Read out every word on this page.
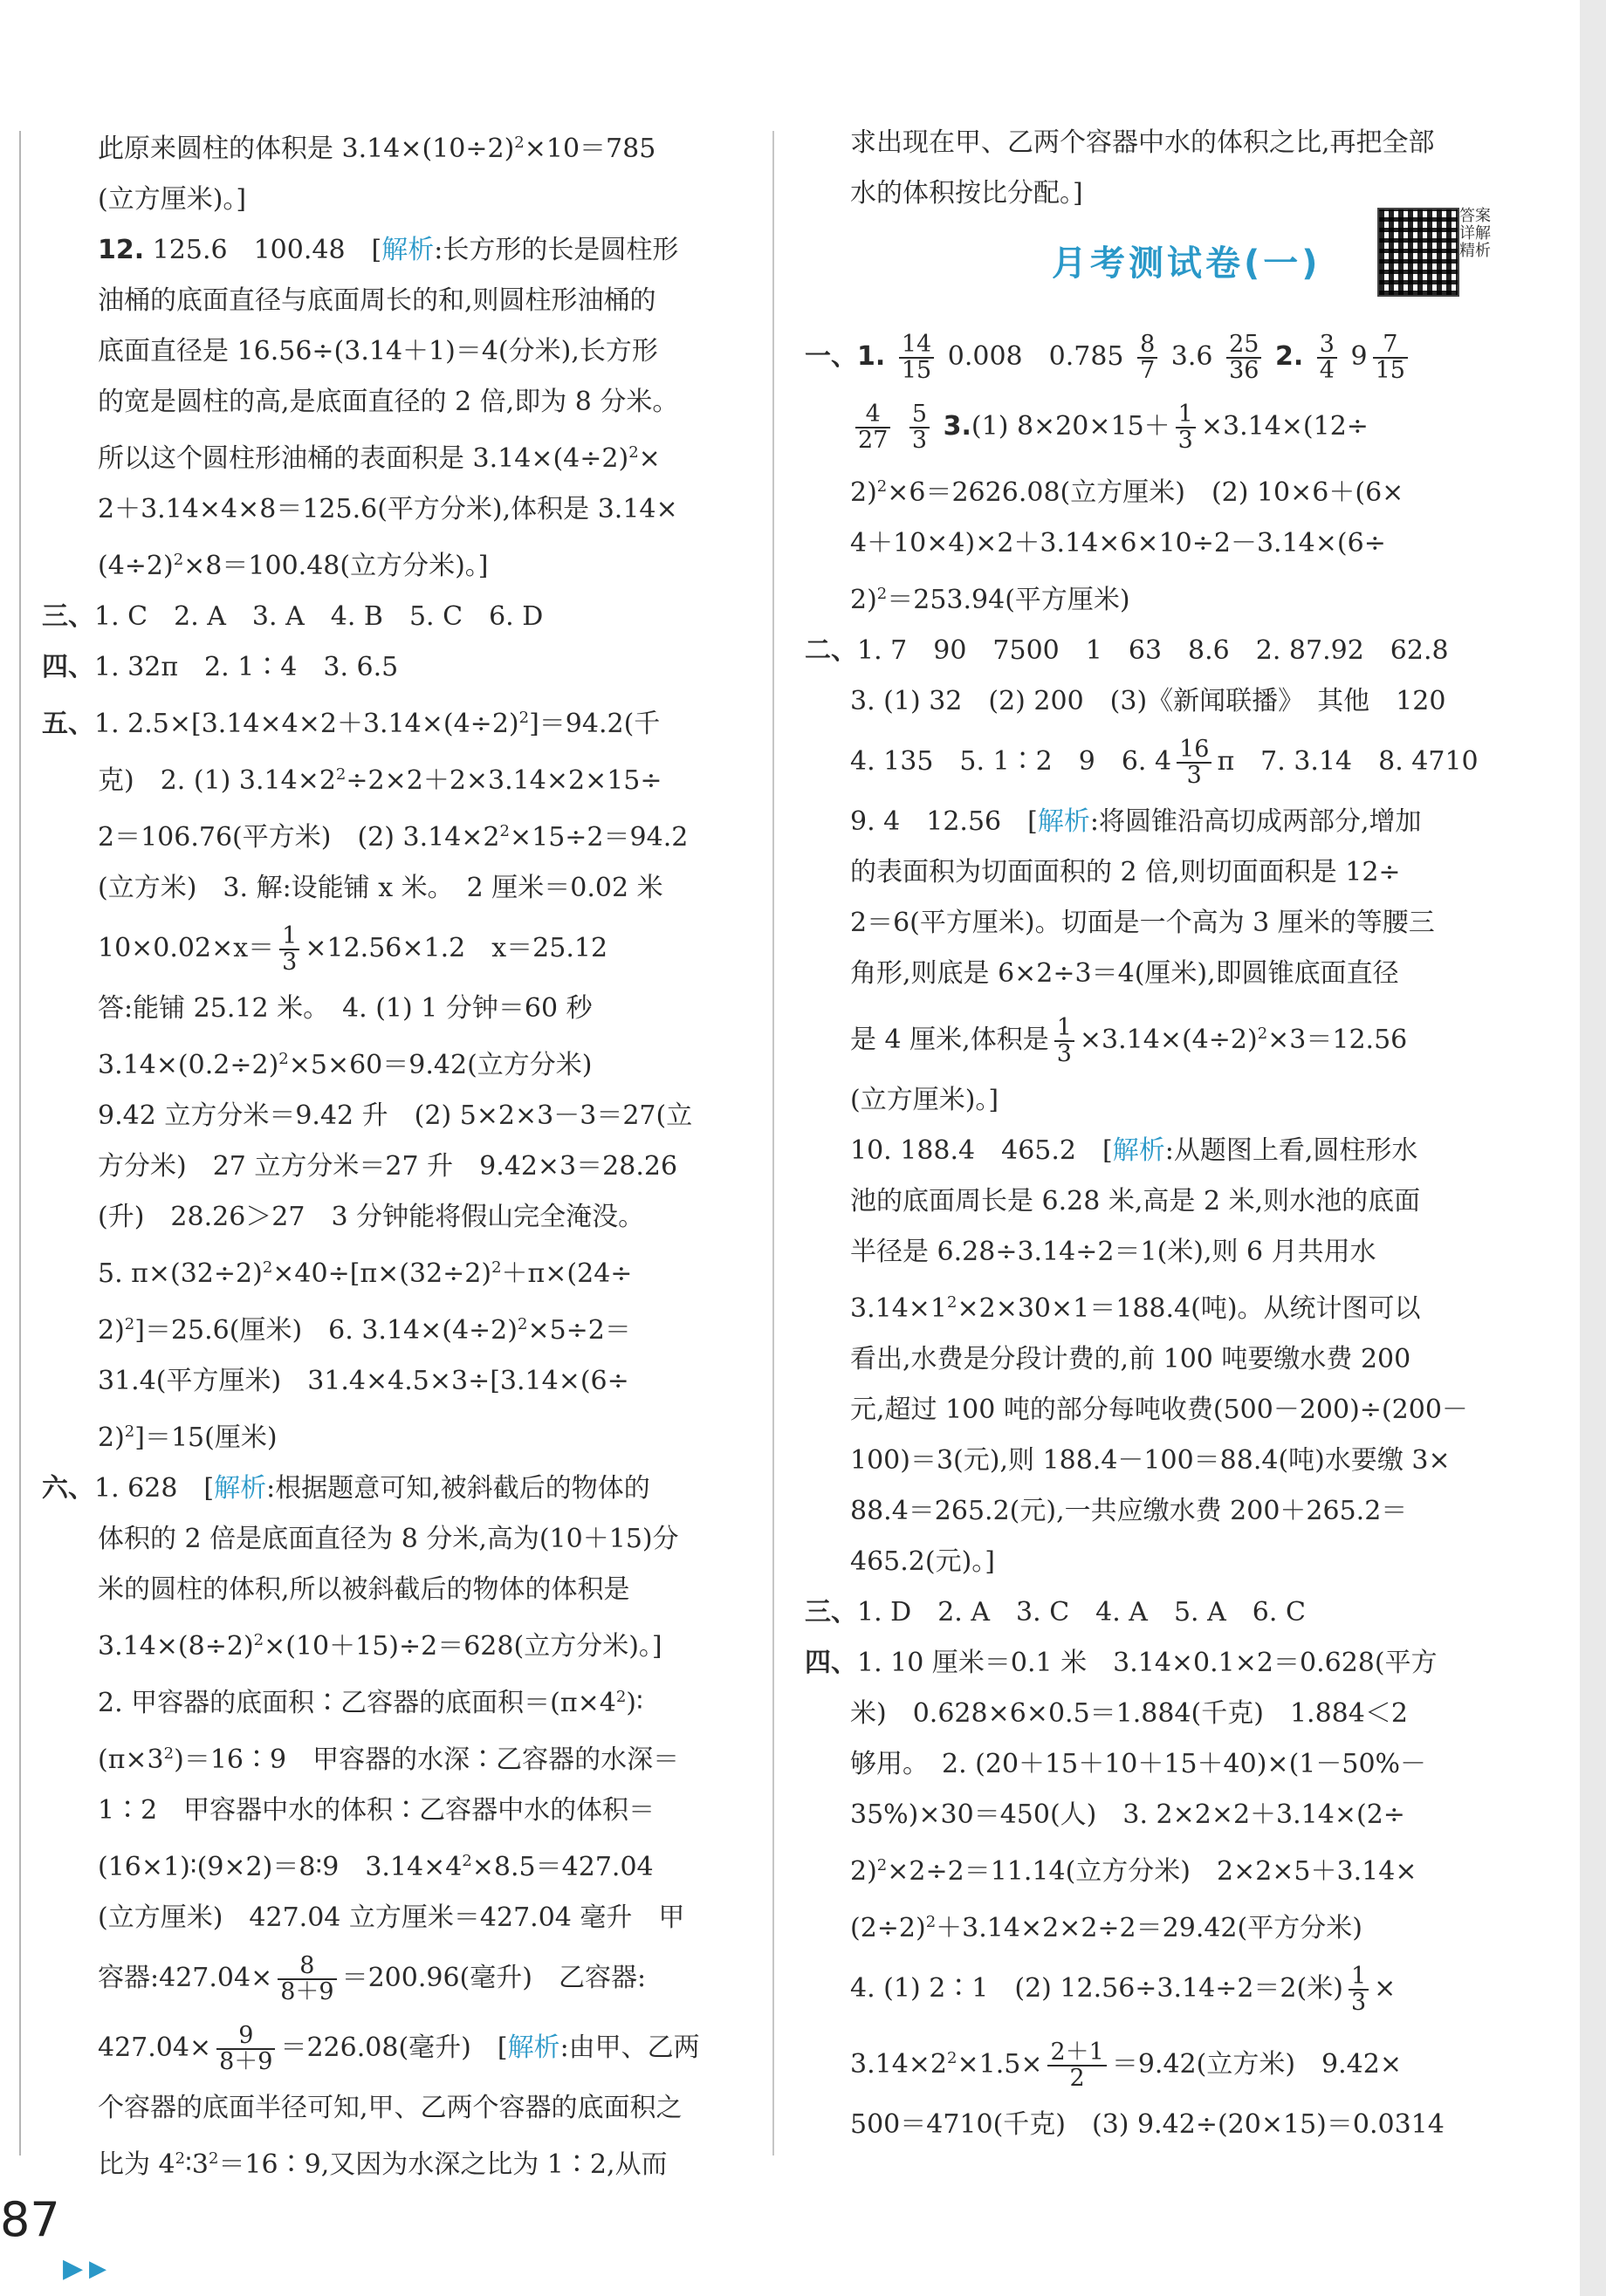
此原来圆柱的体积是 $3.14\times(10\div 2)^2\times 10=785$
(立方厘米)。]
12. 125.6　100.48　[解析:长方形的长是圆柱形
油桶的底面直径与底面周长的和,则圆柱形油桶的
底面直径是 16.56÷(3.14＋1)＝4(分米),长方形
的宽是圆柱的高,是底面直径的 2 倍,即为 8 分米。
所以这个圆柱形油桶的表面积是 $3.14\times(4\div 2)^2\times$
2＋3.14×4×8＝125.6(平方分米),体积是 3.14×
$(4\div 2)^2\times 8=100.48$(立方分米)。]
三、1. C　2. A　3. A　4. B　5. C　6. D
四、1. 32π　2. 1∶4　3. 6.5
五、1. $2.5\times[3.14\times 4\times 2+3.14\times(4\div 2)^2]=94.2$(千
克)　2. (1) $3.14\times 2^2\div 2\times 2+2\times 3.14\times 2\times 15\div$
2＝106.76(平方米)　(2) $3.14\times 2^2\times 15\div 2=94.2$
(立方米)　3. 解:设能铺 x 米。　2 厘米＝0.02 米
$10\times 0.02\times x= \frac{1}{3} \times 12.56\times 1.2$　x＝25.12
答:能铺 25.12 米。　4. (1) 1 分钟＝60 秒
$3.14\times(0.2\div 2)^2\times 5\times 60=9.42$(立方分米)
9.42 立方分米＝9.42 升　(2) 5×2×3－3＝27(立
方分米)　27 立方分米＝27 升　9.42×3＝28.26
(升)　28.26＞27　3 分钟能将假山完全淹没。
5. $\pi\times(32\div 2)^2\times 40\div[\pi\times(32\div 2)^2+\pi\times(24\div$
2)$^2$]＝25.6(厘米)　6. $3.14\times(4\div 2)^2\times 5\div 2=$
31.4(平方厘米)　31.4×4.5×3÷[3.14×(6÷
2)$^2$]＝15(厘米)
六、1. 628　[解析:根据题意可知,被斜截后的物体的
体积的 2 倍是底面直径为 8 分米,高为(10＋15)分
米的圆柱的体积,所以被斜截后的物体的体积是
$3.14\times(8\div 2)^2\times(10+15)\div 2=628$(立方分米)。]
2. 甲容器的底面积∶乙容器的底面积$=(\pi\times 4^2)∶$
$(\pi\times 3^2)=16∶9$　甲容器的水深∶乙容器的水深＝
1∶2　甲容器中水的体积∶乙容器中水的体积＝
(16×1)∶(9×2)＝8∶9　$3.14\times 4^2\times 8.5=427.04$
(立方厘米)　427.04 立方厘米＝427.04 毫升　甲
容器:427.04× $\frac{8}{8+9} =200.96$(毫升)　乙容器:
$427.04\times \frac{9}{8+9} =226.08$(毫升)　[解析:由甲、乙两
个容器的底面半径可知,甲、乙两个容器的底面积之
比为 $4^2∶3^2=16∶9$,又因为水深之比为 1∶2,从而
月考测试卷(一)
答案详解精析
求出现在甲、乙两个容器中水的体积之比,再把全部
水的体积按比分配。]
一、1. $\frac{14}{15} 0.008$　$0.785 \frac{8}{7} 3.6 \frac{25}{36} 2$. $\frac{3}{4} 9 \frac{7}{15}$
$\frac{4}{27}$
$\frac{5}{3} 3.(1)$ $8\times 20\times 15+ \frac{1}{3} \times 3.14\times(12\div$
2)$^2$×6＝2626.08(立方厘米)　(2) 10×6＋(6×
4＋10×4)×2＋3.14×6×10÷2－3.14×(6÷
2)$^2$＝253.94(平方厘米)
二、1. 7　90　7500　1　63　8.6　2. 87.92　62.8
3. (1) 32　(2) 200　(3)《新闻联播》　其他　120
4. 135　5. 1∶2　9　6. $4 \frac{16}{3}$ π　7. 3.14　8. 4710
9. 4　12.56　[解析:将圆锥沿高切成两部分,增加
的表面积为切面面积的 2 倍,则切面面积是 12÷
2＝6(平方厘米)。切面是一个高为 3 厘米的等腰三
角形,则底是 6×2÷3＝4(厘米),即圆锥底面直径
是 4 厘米,体积是 $\frac{1}{3} \times 3.14\times(4\div 2)^2\times 3=12.56$
(立方厘米)。]
10. 188.4　465.2　[解析:从题图上看,圆柱形水
池的底面周长是 6.28 米,高是 2 米,则水池的底面
半径是 6.28÷3.14÷2＝1(米),则 6 月共用水
$3.14\times 1^2\times 2\times 30\times 1=188.4$(吨)。从统计图可以
看出,水费是分段计费的,前 100 吨要缴水费 200
元,超过 100 吨的部分每吨收费(500－200)÷(200－
100)＝3(元),则 188.4－100＝88.4(吨)水要缴 3×
88.4＝265.2(元),一共应缴水费 200＋265.2＝
465.2(元)。]
三、1. D　2. A　3. C　4. A　5. A　6. C
四、1. 10 厘米＝0.1 米　3.14×0.1×2＝0.628(平方
米)　0.628×6×0.5＝1.884(千克)　1.884＜2
够用。　2. (20＋15＋10＋15＋40)×(1－50%－
35%)×30＝450(人)　3. 2×2×2＋3.14×(2÷
2)$^2$×2÷2＝11.14(立方分米)　2×2×5＋3.14×
$(2\div 2)^2+3.14\times 2\times 2\div 2=29.42$(平方分米)
4. (1) 2∶1　(2) 12.56÷3.14÷2＝2(米) $\frac{1}{3}$ ×
$3.14\times 2^2\times 1.5\times \frac{2+1}{2} =9.42$(立方米)　9.42×
500＝4710(千克)　(3) 9.42÷(20×15)＝0.0314
87
▶ ▶
